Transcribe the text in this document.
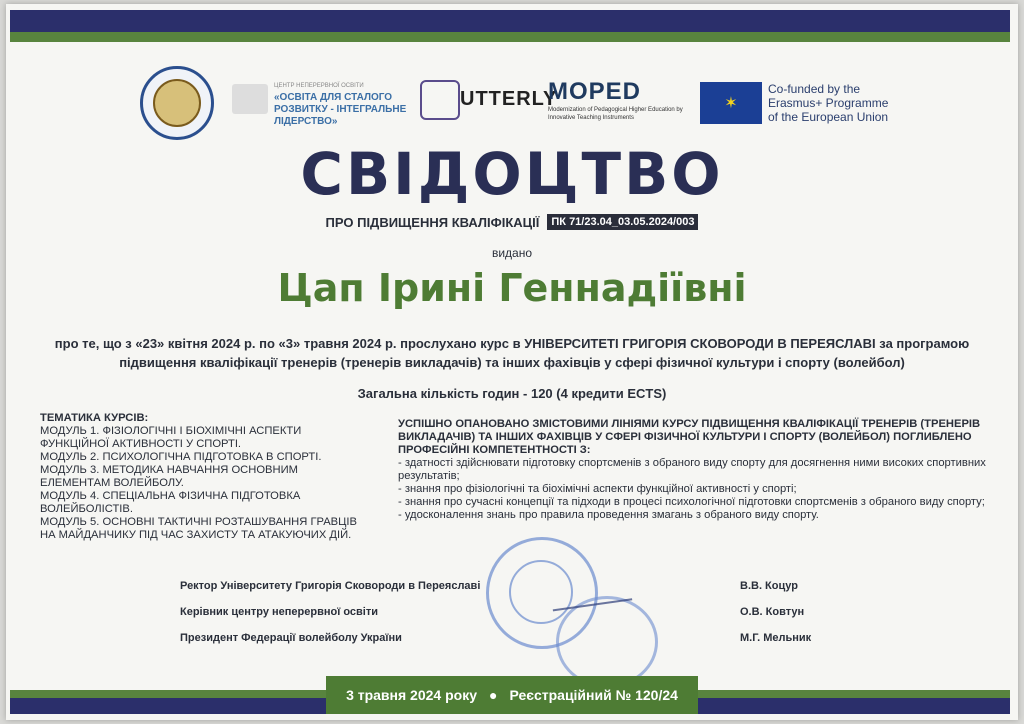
ЦЕНТР НЕПЕРЕРВНОЇ ОСВІТИ
«ОСВІТА ДЛЯ СТАЛОГО РОЗВИТКУ - ІНТЕГРАЛЬНЕ ЛІДЕРСТВО»
UTTERLY
MOPED
Modernization of Pedagogical Higher Education by Innovative Teaching Instruments
✶
Co-funded by the Erasmus+ Programme of the European Union
СВІДОЦТВО
ПРО ПІДВИЩЕННЯ КВАЛІФІКАЦІЇ	ПК 71/23.04_03.05.2024/003
видано
Цап Ірині Геннадіївні
про те, що з «23» квітня 2024 р. по «3» травня 2024 р. прослухано курс в УНІВЕРСИТЕТІ ГРИГОРІЯ СКОВОРОДИ В ПЕРЕЯСЛАВІ за програмою підвищення кваліфікації тренерів (тренерів викладачів) та інших фахівців у сфері фізичної культури і спорту (волейбол)
Загальна кількість годин - 120 (4 кредити ECTS)
ТЕМАТИКА КУРСІВ:
МОДУЛЬ 1. ФІЗІОЛОГІЧНІ І БІОХІМІЧНІ АСПЕКТИ ФУНКЦІЙНОЇ АКТИВНОСТІ У СПОРТІ.
МОДУЛЬ 2. ПСИХОЛОГІЧНА ПІДГОТОВКА В СПОРТІ.
МОДУЛЬ 3. МЕТОДИКА НАВЧАННЯ ОСНОВНИМ ЕЛЕМЕНТАМ ВОЛЕЙБОЛУ.
МОДУЛЬ 4. СПЕЦІАЛЬНА ФІЗИЧНА ПІДГОТОВКА ВОЛЕЙБОЛІСТІВ.
МОДУЛЬ 5. ОСНОВНІ ТАКТИЧНІ РОЗТАШУВАННЯ ГРАВЦІВ НА МАЙДАНЧИКУ ПІД ЧАС ЗАХИСТУ ТА АТАКУЮЧИХ ДІЙ.
УСПІШНО ОПАНОВАНО ЗМІСТОВИМИ ЛІНІЯМИ КУРСУ ПІДВИЩЕННЯ КВАЛІФІКАЦІЇ ТРЕНЕРІВ (ТРЕНЕРІВ ВИКЛАДАЧІВ) ТА ІНШИХ ФАХІВЦІВ У СФЕРІ ФІЗИЧНОЇ КУЛЬТУРИ І СПОРТУ (ВОЛЕЙБОЛ) ПОГЛИБЛЕНО ПРОФЕСІЙНІ КОМПЕТЕНТНОСТІ З:
- здатності здійснювати підготовку спортсменів з обраного виду спорту для досягнення ними високих спортивних результатів;
- знання про фізіологічні та біохімічні аспекти функційної активності у спорті;
- знання про сучасні концепції та підходи в процесі психологічної підготовки спортсменів з обраного виду спорту;
- удосконалення знань про правила проведення змагань з обраного виду спорту.
Ректор Університету Григорія Сковороди в Переяславі	В.В. Коцур
Керівник центру неперервної освіти	О.В. Ковтун
Президент Федерації волейболу України	М.Г. Мельник
3 травня 2024 року ● Реєстраційний № 120/24
